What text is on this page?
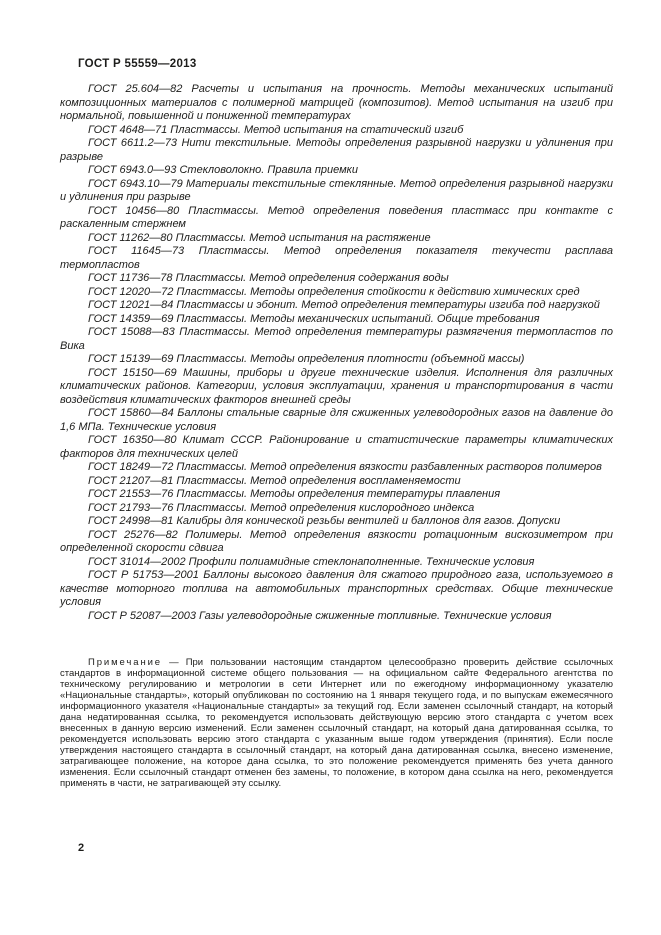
ГОСТ Р 55559—2013

ГОСТ 25.604—82 Расчеты и испытания на прочность. Методы механических испытаний композиционных материалов с полимерной матрицей (композитов). Метод испытания на изгиб при нормальной, повышенной и пониженной температурах

ГОСТ 4648—71 Пластмассы. Метод испытания на статический изгиб

ГОСТ 6611.2—73 Нити текстильные. Методы определения разрывной нагрузки и удлинения при разрыве

ГОСТ 6943.0—93 Стекловолокно. Правила приемки

ГОСТ 6943.10—79 Материалы текстильные стеклянные. Метод определения разрывной нагрузки и удлинения при разрыве

ГОСТ 10456—80 Пластмассы. Метод определения поведения пластмасс при контакте с раскаленным стержнем

ГОСТ 11262—80 Пластмассы. Метод испытания на растяжение

ГОСТ 11645—73 Пластмассы. Метод определения показателя текучести расплава термопластов

ГОСТ 11736—78 Пластмассы. Метод определения содержания воды

ГОСТ 12020—72 Пластмассы. Методы определения стойкости к действию химических сред

ГОСТ 12021—84 Пластмассы и эбонит. Метод определения температуры изгиба под нагрузкой

ГОСТ 14359—69 Пластмассы. Методы механических испытаний. Общие требования

ГОСТ 15088—83 Пластмассы. Метод определения температуры размягчения термопластов по Вика

ГОСТ 15139—69 Пластмассы. Методы определения плотности (объемной массы)

ГОСТ 15150—69 Машины, приборы и другие технические изделия. Исполнения для различных климатических районов. Категории, условия эксплуатации, хранения и транспортирования в части воздействия климатических факторов внешней среды

ГОСТ 15860—84 Баллоны стальные сварные для сжиженных углеводородных газов на давление до 1,6 МПа. Технические условия

ГОСТ 16350—80 Климат СССР. Районирование и статистические параметры климатических факторов для технических целей

ГОСТ 18249—72 Пластмассы. Метод определения вязкости разбавленных растворов полимеров

ГОСТ 21207—81 Пластмассы. Метод определения воспламеняемости

ГОСТ 21553—76 Пластмассы. Методы определения температуры плавления

ГОСТ 21793—76 Пластмассы. Метод определения кислородного индекса

ГОСТ 24998—81 Калибры для конической резьбы вентилей и баллонов для газов. Допуски

ГОСТ 25276—82 Полимеры. Метод определения вязкости ротационным вискозиметром при определенной скорости сдвига

ГОСТ 31014—2002 Профили полиамидные стеклонаполненные. Технические условия

ГОСТ Р 51753—2001 Баллоны высокого давления для сжатого природного газа, используемого в качестве моторного топлива на автомобильных транспортных средствах. Общие технические условия

ГОСТ Р 52087—2003 Газы углеводородные сжиженные топливные. Технические условия

Примечание — При пользовании настоящим стандартом целесообразно проверить действие ссылочных стандартов в информационной системе общего пользования — на официальном сайте Федерального агентства по техническому регулированию и метрологии в сети Интернет или по ежегодному информационному указателю «Национальные стандарты», который опубликован по состоянию на 1 января текущего года, и по выпускам ежемесячного информационного указателя «Национальные стандарты» за текущий год. Если заменен ссылочный стандарт, на который дана недатированная ссылка, то рекомендуется использовать действующую версию этого стандарта с учетом всех внесенных в данную версию изменений. Если заменен ссылочный стандарт, на который дана датированная ссылка, то рекомендуется использовать версию этого стандарта с указанным выше годом утверждения (принятия). Если после утверждения настоящего стандарта в ссылочный стандарт, на который дана датированная ссылка, внесено изменение, затрагивающее положение, на которое дана ссылка, то это положение рекомендуется применять без учета данного изменения. Если ссылочный стандарт отменен без замены, то положение, в котором дана ссылка на него, рекомендуется применять в части, не затрагивающей эту ссылку.

2
